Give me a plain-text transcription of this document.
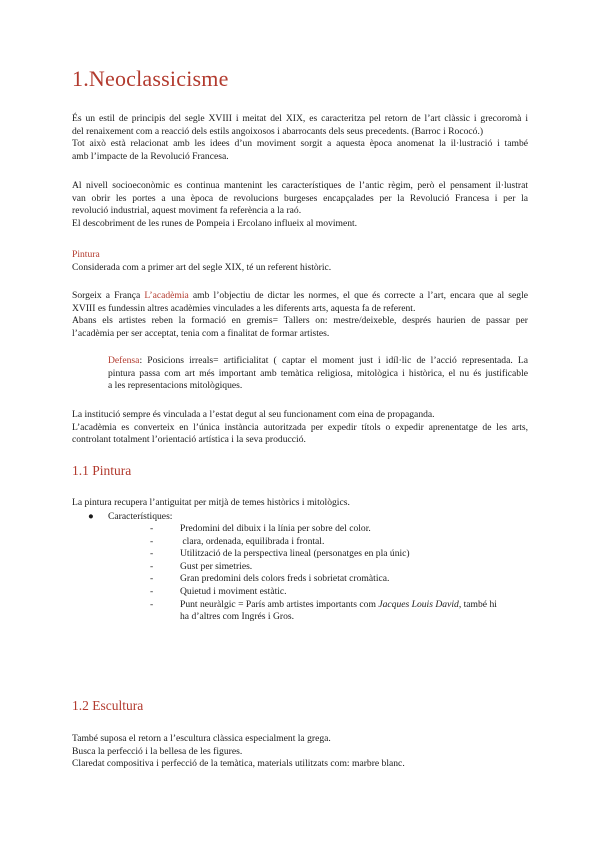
1.Neoclassicisme
És un estil de principis del segle XVIII i meitat del XIX, es caracteritza pel retorn de l’art clàssic i grecoromà i
del renaixement com a reacció dels estils angoixosos i abarrocants dels seus precedents. (Barroc i Rococó.)
Tot això està relacionat amb les idees d’un moviment sorgit a aquesta època anomenat la il·lustració i també
amb l’impacte de la Revolució Francesa.
Al nivell socioeconòmic es continua mantenint les característiques de l’antic règim, però el pensament il·lustrat
van obrir les portes a una època de revolucions burgeses encapçalades per la Revolució Francesa i per la
revolució industrial, aquest moviment fa referència a la raó.
El descobriment de les runes de Pompeia i Ercolano influeix al moviment.
Pintura
Considerada com a primer art del segle XIX, té un referent històric.
Sorgeix a França L’acadèmia amb l’objectiu de dictar les normes, el que és correcte a l’art, encara que al segle
XVIII es fundessin altres acadèmies vinculades a les diferents arts, aquesta fa de referent.
Abans els artistes reben la formació en gremis= Tallers on: mestre/deixeble, després haurien de passar per
l’acadèmia per ser acceptat, tenia com a finalitat de formar artistes.
Defensa: Posicions irreals= artificialitat ( captar el moment just i idíl·lic de l’acció representada. La
pintura passa com art més important amb temàtica religiosa, mitològica i històrica, el nu és justificable
a les representacions mitològiques.
La institució sempre és vinculada a l’estat degut al seu funcionament com eina de propaganda.
L’acadèmia es converteix en l’única instància autoritzada per expedir títols o expedir aprenentatge de les arts,
controlant totalment l’orientació artística i la seva producció.
1.1 Pintura
La pintura recupera l’antiguitat per mitjà de temes històrics i mitològics.
● Característiques:
-	Predomini del dibuix i la línia per sobre del color.
-	clara, ordenada, equilibrada i frontal.
-	Utilització de la perspectiva lineal (personatges en pla únic)
-	Gust per simetries.
-	Gran predomini dels colors freds i sobrietat cromàtica.
-	Quietud i moviment estàtic.
-	Punt neuràlgic = París amb artistes importants com Jacques Louis David, també hi
ha d’altres com Ingrés i Gros.
1.2 Escultura
També suposa el retorn a l’escultura clàssica especialment la grega.
Busca la perfecció i la bellesa de les figures.
Claredat compositiva i perfecció de la temàtica, materials utilitzats com: marbre blanc.
